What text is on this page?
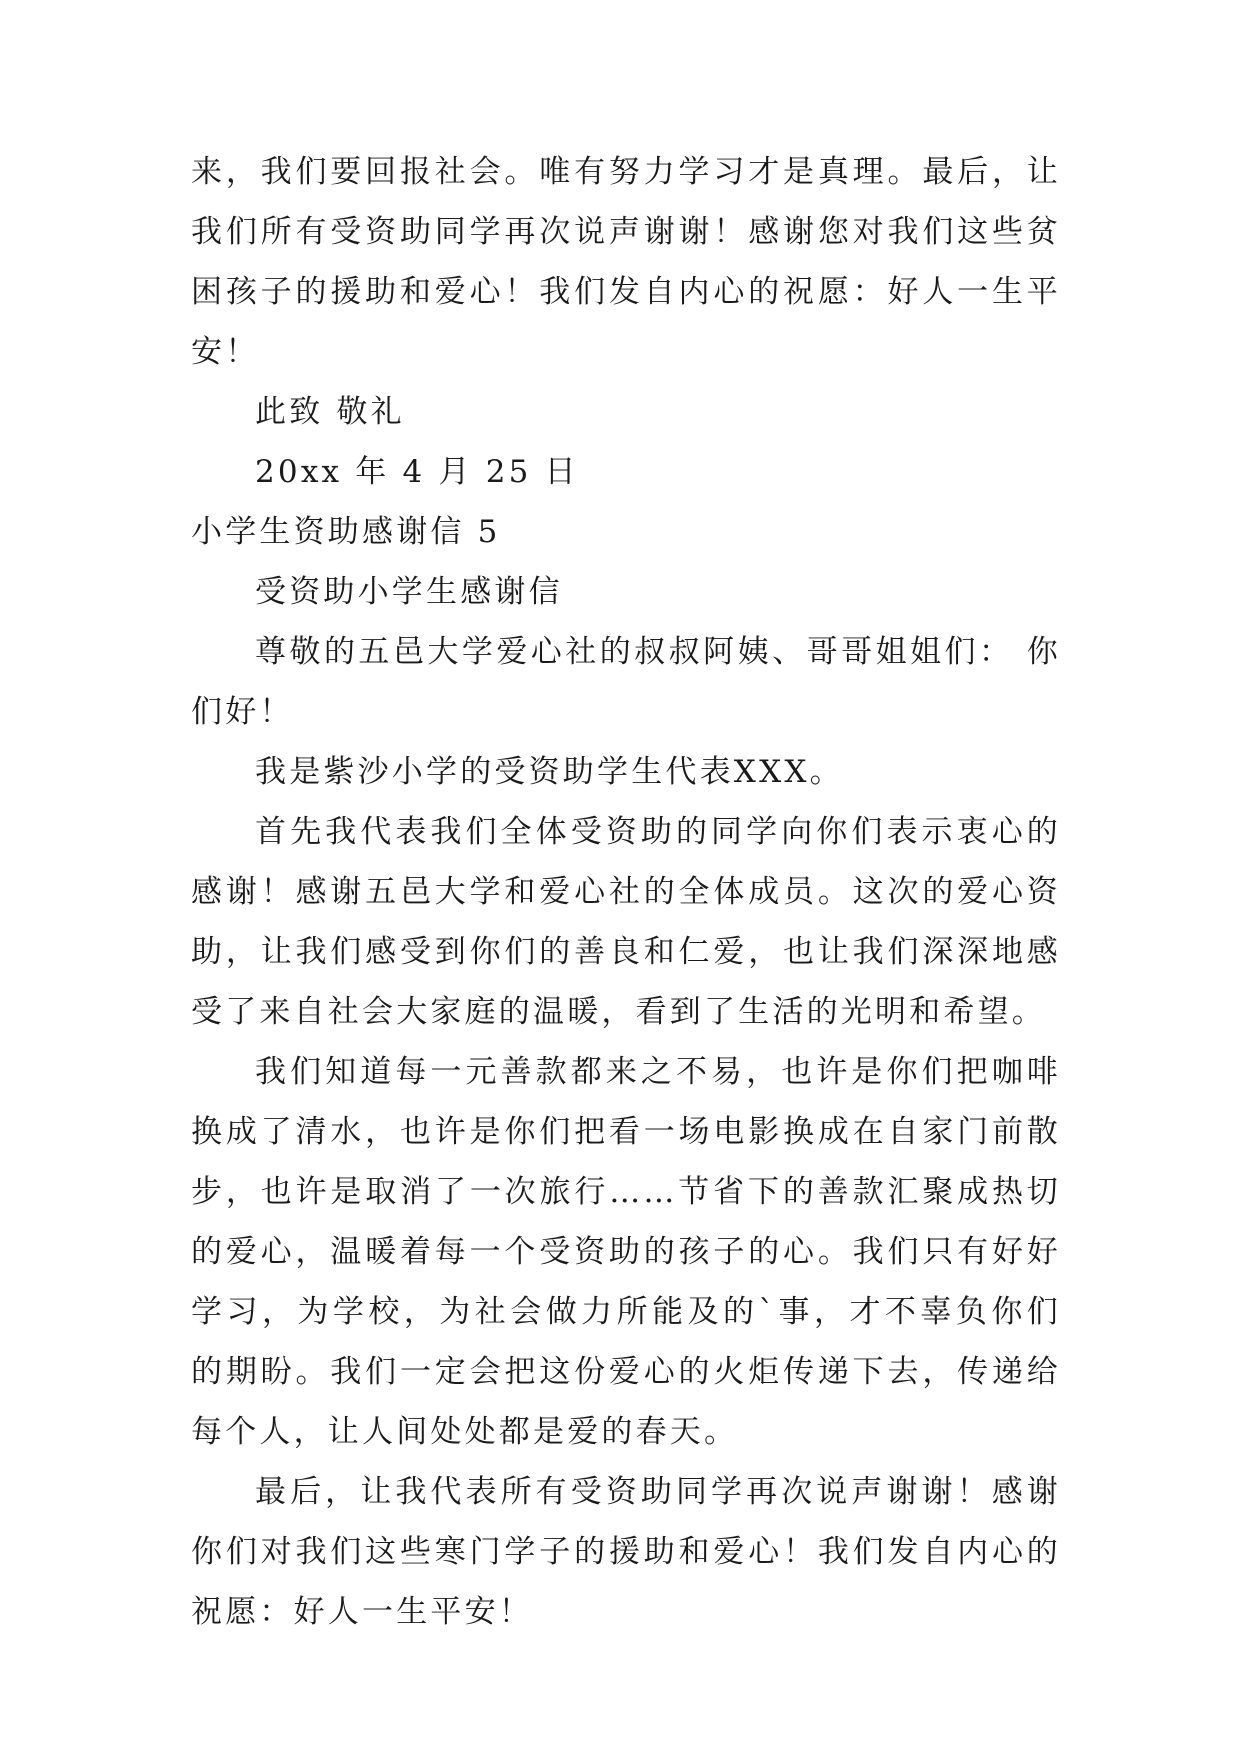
来，我们要回报社会。唯有努力学习才是真理。最后，让我们所有受资助同学再次说声谢谢！感谢您对我们这些贫困孩子的援助和爱心！我们发自内心的祝愿：好人一生平安！

此致 敬礼

20xx 年 4 月 25 日

小学生资助感谢信 5

受资助小学生感谢信

尊敬的五邑大学爱心社的叔叔阿姨、哥哥姐姐们： 你们好！

我是紫沙小学的受资助学生代表XXX。

首先我代表我们全体受资助的同学向你们表示衷心的感谢！感谢五邑大学和爱心社的全体成员。这次的爱心资助，让我们感受到你们的善良和仁爱，也让我们深深地感受了来自社会大家庭的温暖，看到了生活的光明和希望。

我们知道每一元善款都来之不易，也许是你们把咖啡换成了清水，也许是你们把看一场电影换成在自家门前散步，也许是取消了一次旅行……节省下的善款汇聚成热切的爱心，温暖着每一个受资助的孩子的心。我们只有好好学习，为学校，为社会做力所能及的`事，才不辜负你们的期盼。我们一定会把这份爱心的火炬传递下去，传递给每个人，让人间处处都是爱的春天。

最后，让我代表所有受资助同学再次说声谢谢！感谢你们对我们这些寒门学子的援助和爱心！我们发自内心的祝愿：好人一生平安！
